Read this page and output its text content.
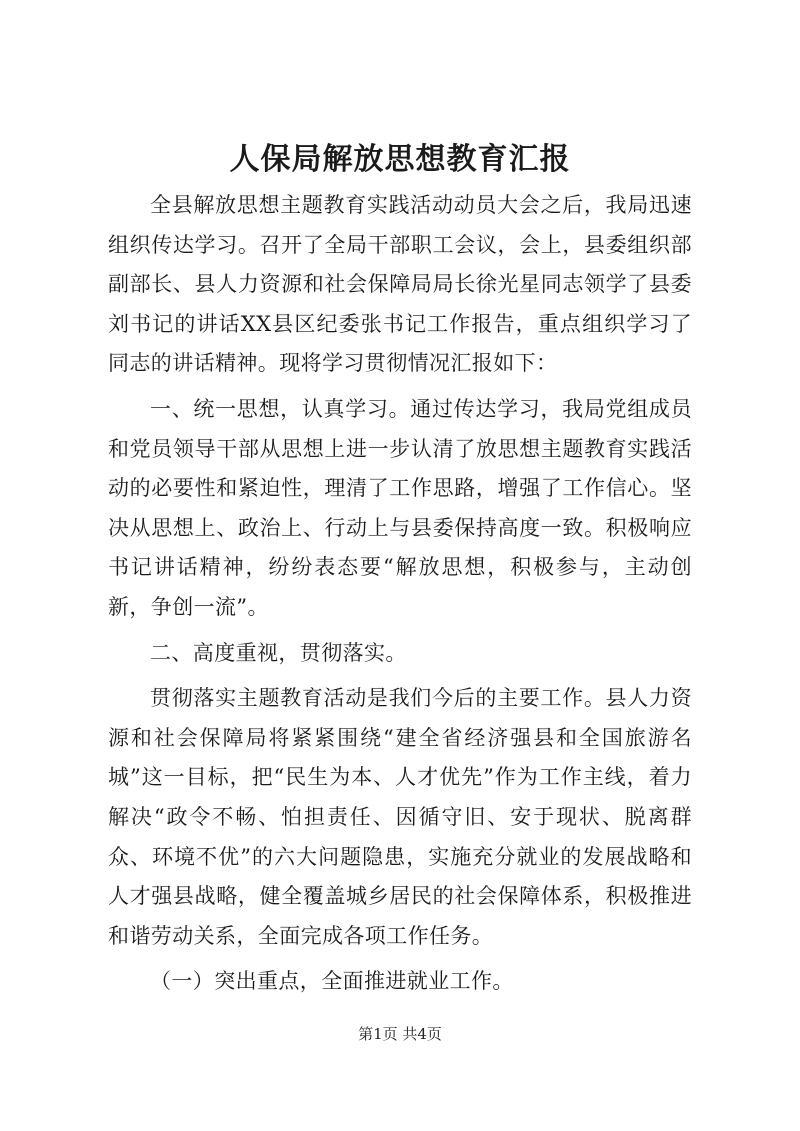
人保局解放思想教育汇报

全县解放思想主题教育实践活动动员大会之后，我局迅速组织传达学习。召开了全局干部职工会议，会上，县委组织部副部长、县人力资源和社会保障局局长徐光星同志领学了县委刘书记的讲话XX县区纪委张书记工作报告，重点组织学习了同志的讲话精神。现将学习贯彻情况汇报如下：

一、统一思想，认真学习。通过传达学习，我局党组成员和党员领导干部从思想上进一步认清了放思想主题教育实践活动的必要性和紧迫性，理清了工作思路，增强了工作信心。坚决从思想上、政治上、行动上与县委保持高度一致。积极响应书记讲话精神，纷纷表态要“解放思想，积极参与，主动创新，争创一流”。

二、高度重视，贯彻落实。

贯彻落实主题教育活动是我们今后的主要工作。县人力资源和社会保障局将紧紧围绕“建全省经济强县和全国旅游名城”这一目标，把“民生为本、人才优先”作为工作主线，着力解决“政令不畅、怕担责任、因循守旧、安于现状、脱离群众、环境不优”的六大问题隐患，实施充分就业的发展战略和人才强县战略，健全覆盖城乡居民的社会保障体系，积极推进和谐劳动关系，全面完成各项工作任务。

（一）突出重点，全面推进就业工作。

第1页 共4页
